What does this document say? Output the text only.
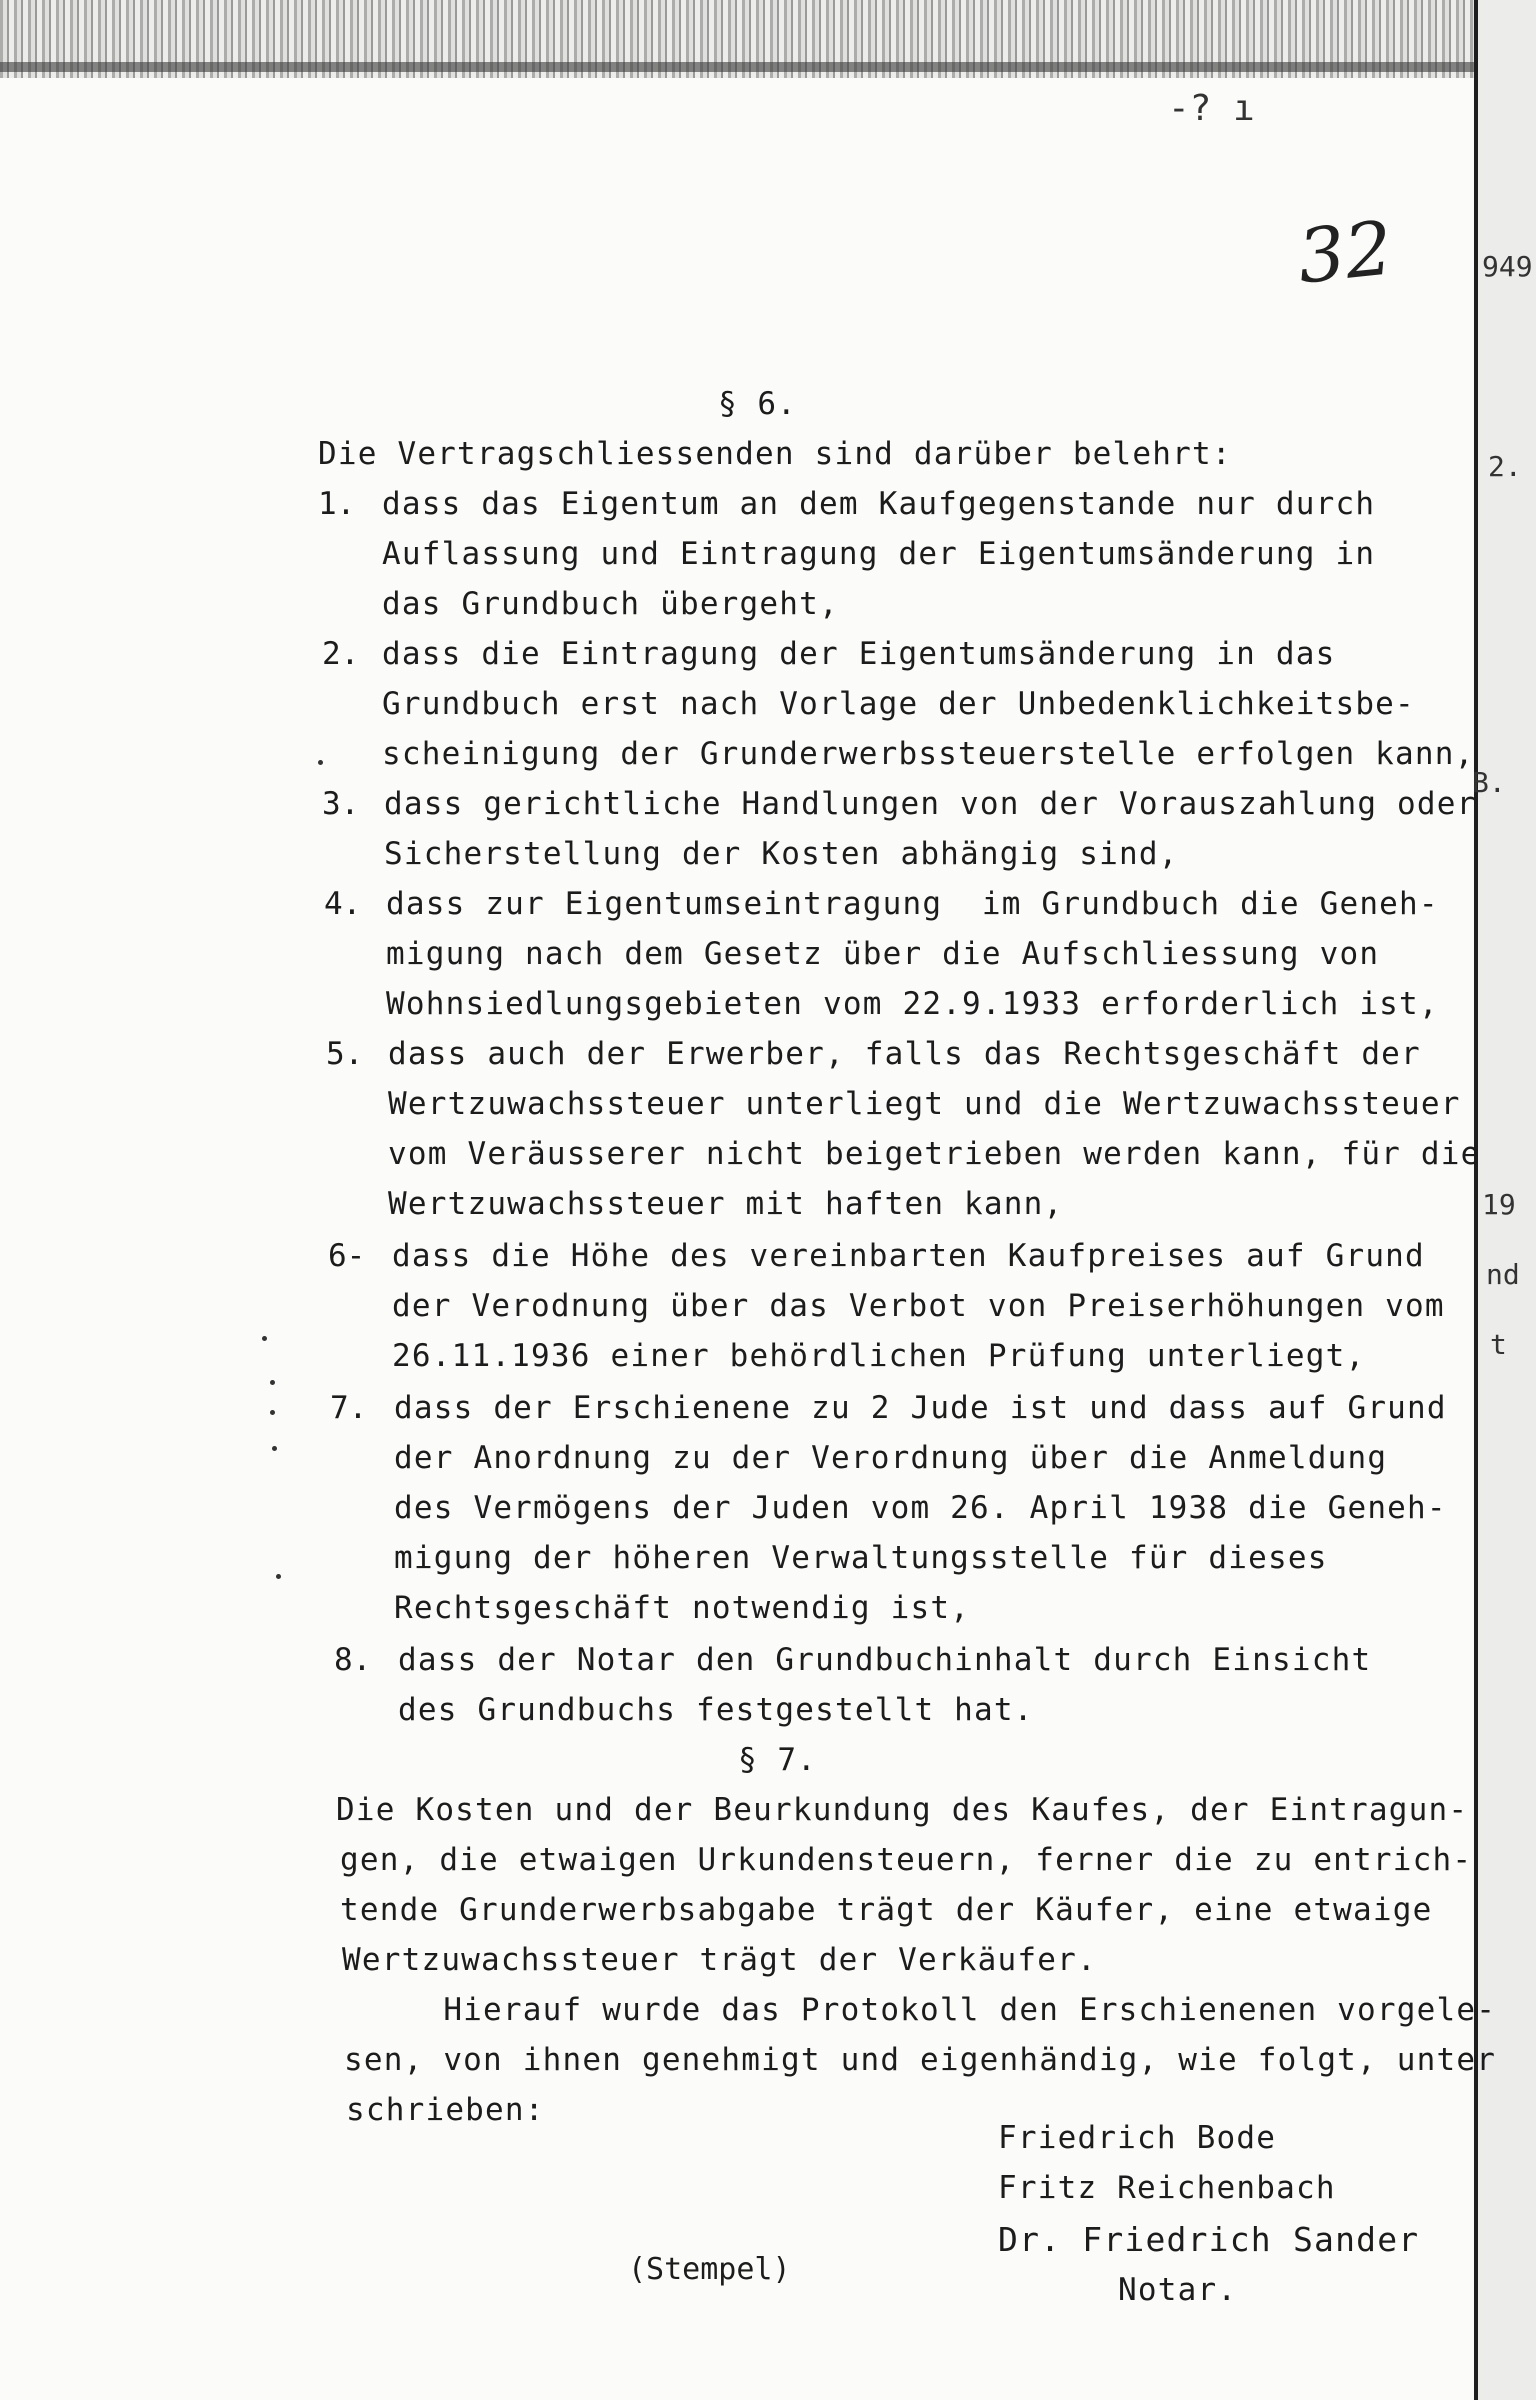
949
2.
B.
19
nd
t
-? ı
32
§ 6.
Die Vertragschliessenden sind darüber belehrt:
1. dass das Eigentum an dem Kaufgegenstande nur durch
Auflassung und Eintragung der Eigentumsänderung in
das Grundbuch übergeht,
2. dass die Eintragung der Eigentumsänderung in das
Grundbuch erst nach Vorlage der Unbedenklichkeitsbe-
scheinigung der Grunderwerbssteuerstelle erfolgen kann,
3. dass gerichtliche Handlungen von der Vorauszahlung oder
Sicherstellung der Kosten abhängig sind,
4. dass zur Eigentumseintragung  im Grundbuch die Geneh-
migung nach dem Gesetz über die Aufschliessung von
Wohnsiedlungsgebieten vom 22.9.1933 erforderlich ist,
5. dass auch der Erwerber, falls das Rechtsgeschäft der
Wertzuwachssteuer unterliegt und die Wertzuwachssteuer
vom Veräusserer nicht beigetrieben werden kann, für die
Wertzuwachssteuer mit haften kann,
6- dass die Höhe des vereinbarten Kaufpreises auf Grund
der Verodnung über das Verbot von Preiserhöhungen vom
26.11.1936 einer behördlichen Prüfung unterliegt,
7. dass der Erschienene zu 2 Jude ist und dass auf Grund
der Anordnung zu der Verordnung über die Anmeldung
des Vermögens der Juden vom 26. April 1938 die Geneh-
migung der höheren Verwaltungsstelle für dieses
Rechtsgeschäft notwendig ist,
8. dass der Notar den Grundbuchinhalt durch Einsicht
des Grundbuchs festgestellt hat.
§ 7.
Die Kosten und der Beurkundung des Kaufes, der Eintragun-
gen, die etwaigen Urkundensteuern, ferner die zu entrich-
tende Grunderwerbsabgabe trägt der Käufer, eine etwaige
Wertzuwachssteuer trägt der Verkäufer.
Hierauf wurde das Protokoll den Erschienenen vorgele-
sen, von ihnen genehmigt und eigenhändig, wie folgt, unter
schrieben:
Friedrich Bode
Fritz Reichenbach
Dr. Friedrich Sander
Notar.
(Stempel)
